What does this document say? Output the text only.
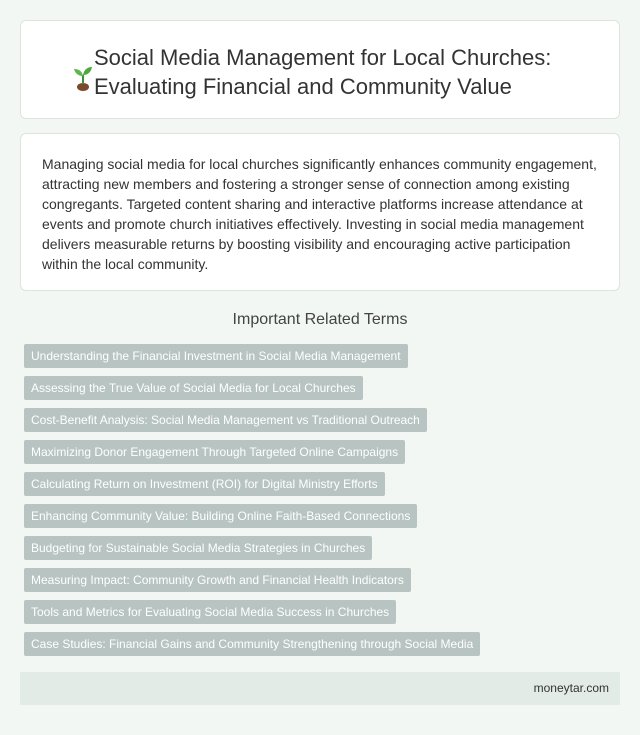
Social Media Management for Local Churches: Evaluating Financial and Community Value

Managing social media for local churches significantly enhances community engagement, attracting new members and fostering a stronger sense of connection among existing congregants. Targeted content sharing and interactive platforms increase attendance at events and promote church initiatives effectively. Investing in social media management delivers measurable returns by boosting visibility and encouraging active participation within the local community.

Important Related Terms
Understanding the Financial Investment in Social Media Management
Assessing the True Value of Social Media for Local Churches
Cost-Benefit Analysis: Social Media Management vs Traditional Outreach
Maximizing Donor Engagement Through Targeted Online Campaigns
Calculating Return on Investment (ROI) for Digital Ministry Efforts
Enhancing Community Value: Building Online Faith-Based Connections
Budgeting for Sustainable Social Media Strategies in Churches
Measuring Impact: Community Growth and Financial Health Indicators
Tools and Metrics for Evaluating Social Media Success in Churches
Case Studies: Financial Gains and Community Strengthening through Social Media
moneytar.com
